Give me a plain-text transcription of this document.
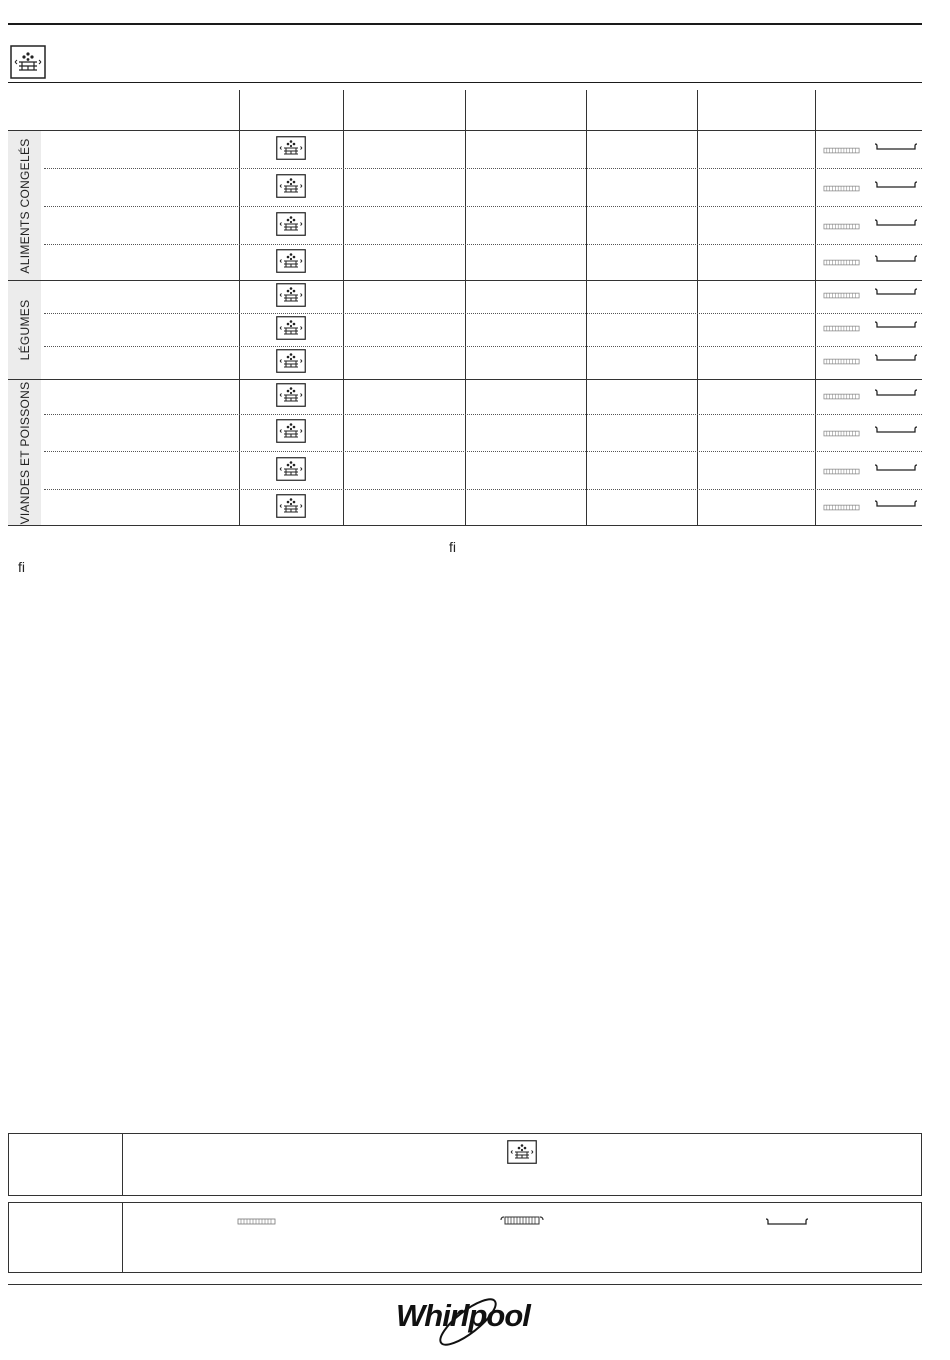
ALIMENTS CONGELÉS
LÉGUMES
VIANDES ET POISSONS
ﬁ
ﬁ
Whirlpool
